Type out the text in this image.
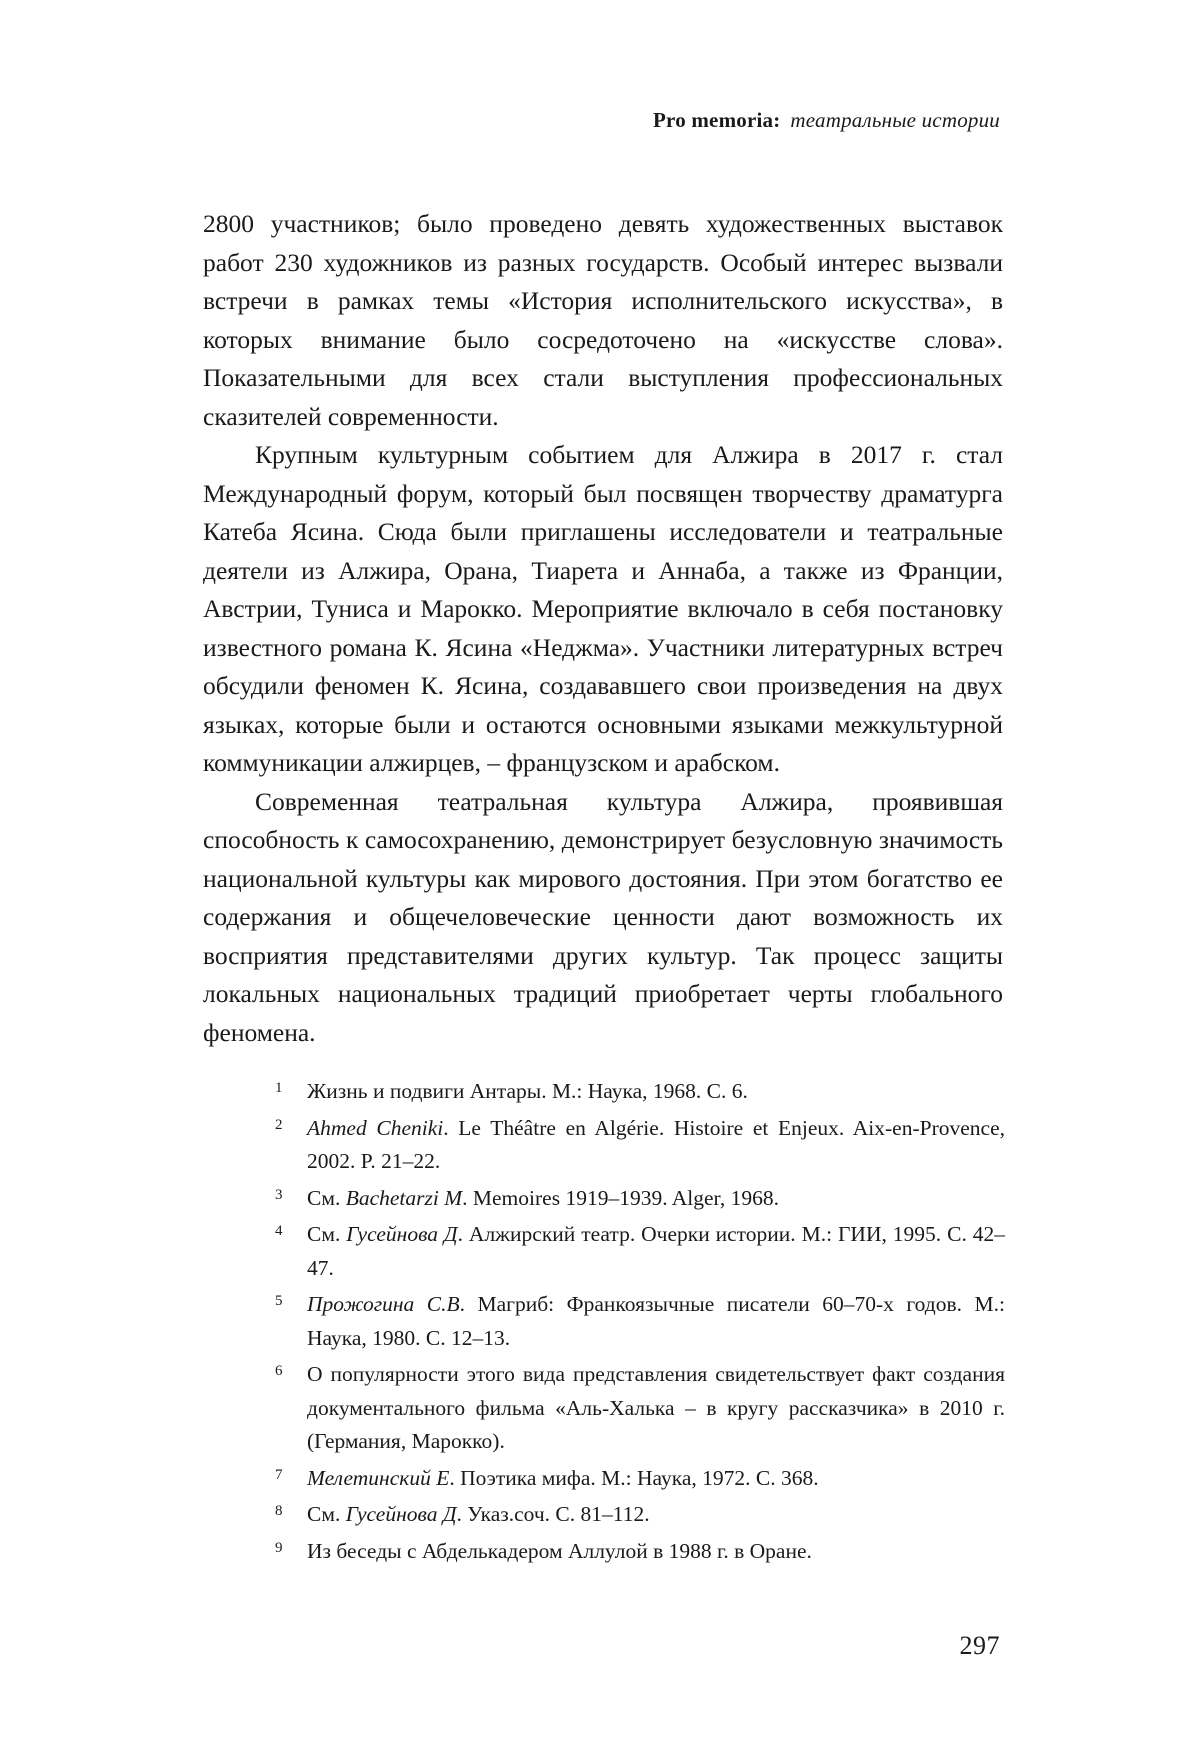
Pro memoria: театральные истории

2800 участников; было проведено девять художественных выставок работ 230 художников из разных государств. Особый интерес вызвали встречи в рамках темы «История исполнительского искусства», в которых внимание было сосредоточено на «искусстве слова». Показательными для всех стали выступления профессиональных сказителей современности.

Крупным культурным событием для Алжира в 2017 г. стал Международный форум, который был посвящен творчеству драматурга Катеба Ясина. Сюда были приглашены исследователи и театральные деятели из Алжира, Орана, Тиарета и Аннаба, а также из Франции, Австрии, Туниса и Марокко. Мероприятие включало в себя постановку известного романа К. Ясина «Неджма». Участники литературных встреч обсудили феномен К. Ясина, создававшего свои произведения на двух языках, которые были и остаются основными языками межкультурной коммуникации алжирцев, – французском и арабском.

Современная театральная культура Алжира, проявившая способность к самосохранению, демонстрирует безусловную значимость национальной культуры как мирового достояния. При этом богатство ее содержания и общечеловеческие ценности дают возможность их восприятия представителями других культур. Так процесс защиты локальных национальных традиций приобретает черты глобального феномена.

1	Жизнь и подвиги Антары. М.: Наука, 1968. С. 6.
2	Ahmed Cheniki. Le Théâtre en Algérie. Histoire et Enjeux. Aix-en-Provence, 2002. P. 21–22.
3	См. Bachetarzi M. Memoires 1919–1939. Alger, 1968.
4	См. Гусейнова Д. Алжирский театр. Очерки истории. М.: ГИИ, 1995. С. 42–47.
5	Прожогина С.В. Магриб: Франкоязычные писатели 60–70-х годов. М.: Наука, 1980. С. 12–13.
6	О популярности этого вида представления свидетельствует факт создания документального фильма «Аль-Халька – в кругу рассказчика» в 2010 г. (Германия, Марокко).
7	Мелетинский Е. Поэтика мифа. М.: Наука, 1972. С. 368.
8	См. Гусейнова Д. Указ.соч. С. 81–112.
9	Из беседы с Абделькадером Аллулой в 1988 г. в Оране.
297
